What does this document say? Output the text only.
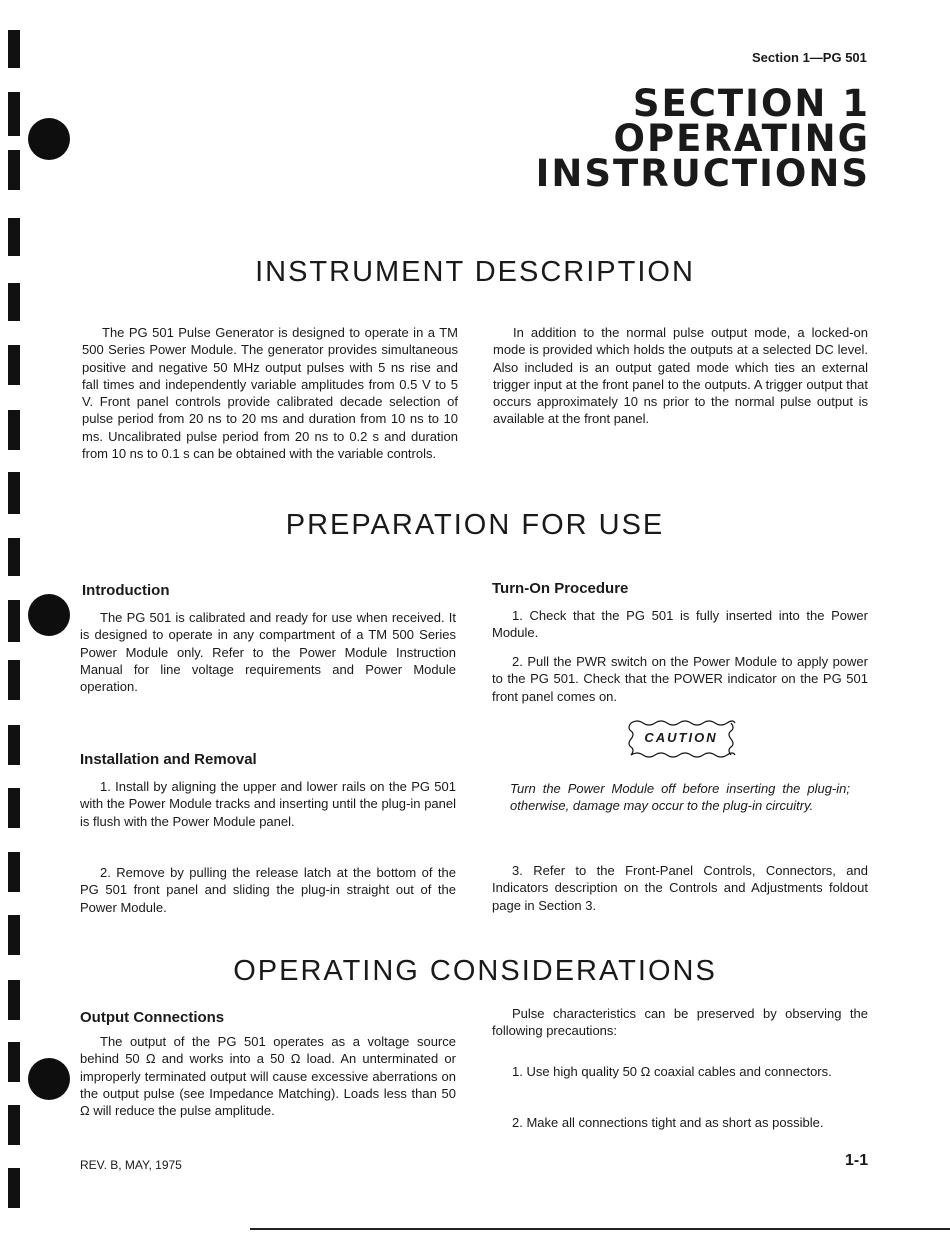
Section 1—PG 501
SECTION 1
OPERATING
INSTRUCTIONS
INSTRUMENT DESCRIPTION
The PG 501 Pulse Generator is designed to operate in a TM 500 Series Power Module. The generator provides simultaneous positive and negative 50 MHz output pulses with 5 ns rise and fall times and independently variable amplitudes from 0.5 V to 5 V. Front panel controls provide calibrated decade selection of pulse period from 20 ns to 20 ms and duration from 10 ns to 10 ms. Uncalibrated pulse period from 20 ns to 0.2 s and duration from 10 ns to 0.1 s can be obtained with the variable controls.
In addition to the normal pulse output mode, a locked-on mode is provided which holds the outputs at a selected DC level. Also included is an output gated mode which ties an external trigger input at the front panel to the outputs. A trigger output that occurs approximately 10 ns prior to the normal pulse output is available at the front panel.
PREPARATION FOR USE
Introduction
The PG 501 is calibrated and ready for use when received. It is designed to operate in any compartment of a TM 500 Series Power Module only. Refer to the Power Module Instruction Manual for line voltage requirements and Power Module operation.
Installation and Removal
1. Install by aligning the upper and lower rails on the PG 501 with the Power Module tracks and inserting until the plug-in panel is flush with the Power Module panel.
2. Remove by pulling the release latch at the bottom of the PG 501 front panel and sliding the plug-in straight out of the Power Module.
Turn-On Procedure
1. Check that the PG 501 is fully inserted into the Power Module.
2. Pull the PWR switch on the Power Module to apply power to the PG 501. Check that the POWER indicator on the PG 501 front panel comes on.
CAUTION
Turn the Power Module off before inserting the plug-in; otherwise, damage may occur to the plug-in circuitry.
3. Refer to the Front-Panel Controls, Connectors, and Indicators description on the Controls and Adjustments foldout page in Section 3.
OPERATING CONSIDERATIONS
Output Connections
The output of the PG 501 operates as a voltage source behind 50 Ω and works into a 50 Ω load. An unterminated or improperly terminated output will cause excessive aberrations on the output pulse (see Impedance Matching). Loads less than 50 Ω will reduce the pulse amplitude.
Pulse characteristics can be preserved by observing the following precautions:
1. Use high quality 50 Ω coaxial cables and connectors.
2. Make all connections tight and as short as possible.
REV. B, MAY, 1975	1-1
